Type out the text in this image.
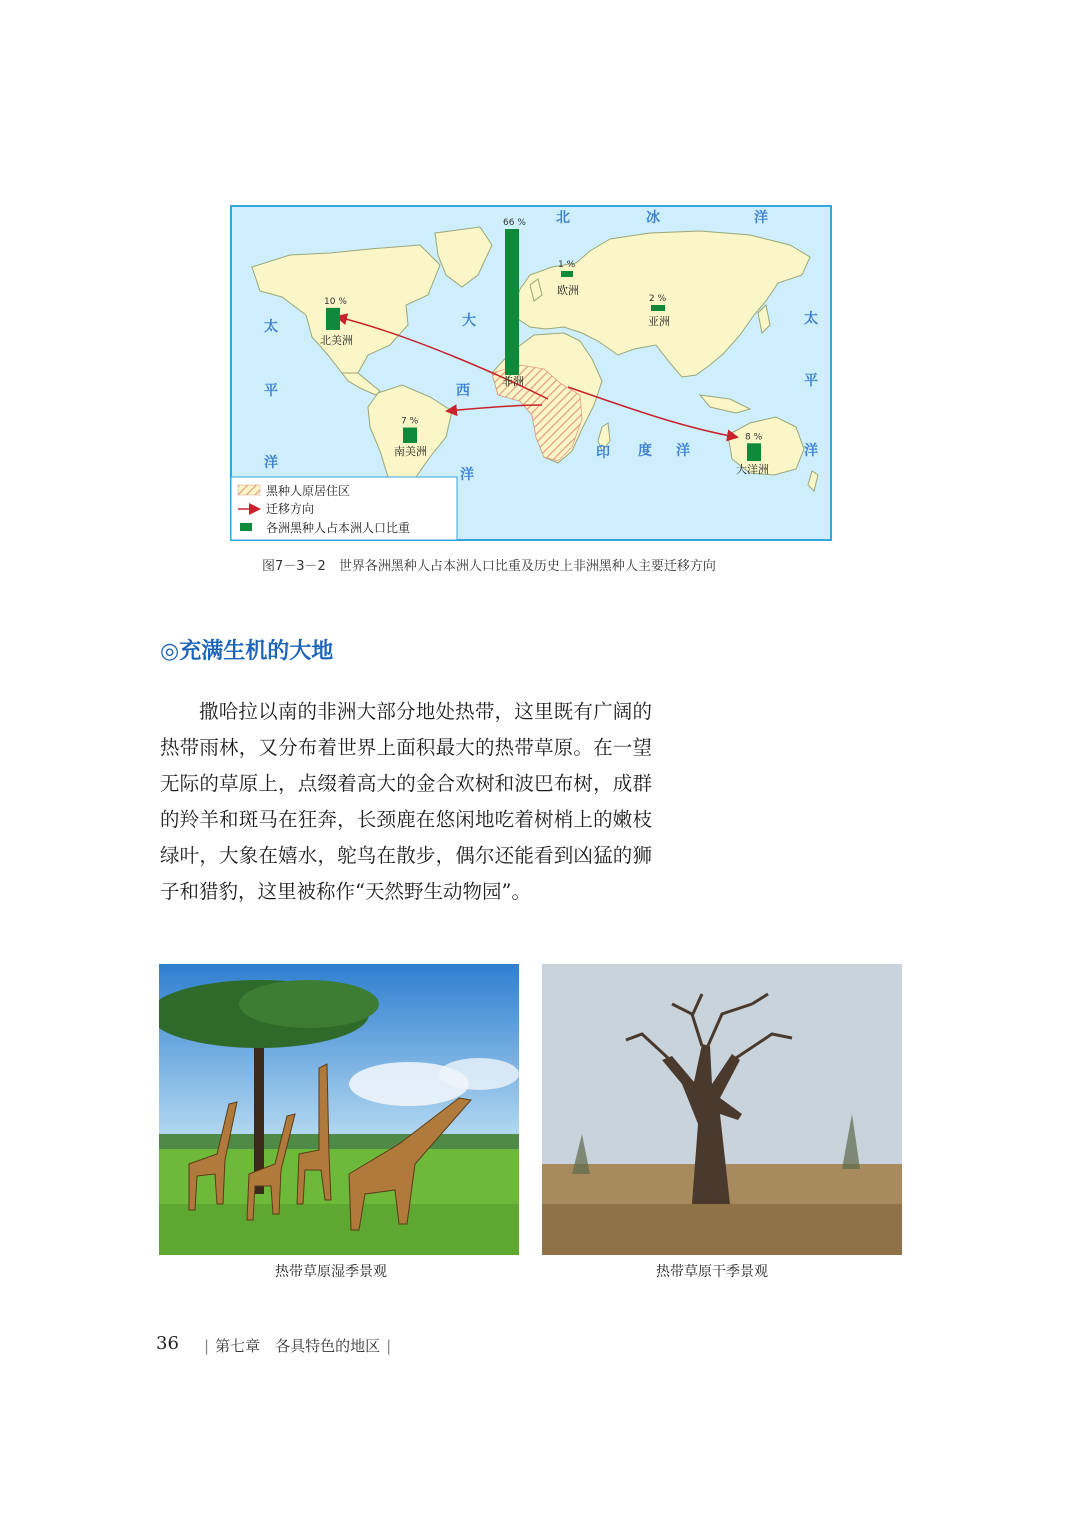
北	冰	洋
太
平
洋
大
西
洋
印 度 洋
太
平
洋
66 %
10 %
8 %
7 %
2 %
1 %
北美洲
南美洲
非洲
欧洲
亚洲
大洋洲
黑种人原居住区
迁移方向
各洲黑种人占本洲人口比重
图7－3－2　世界各洲黑种人占本洲人口比重及历史上非洲黑种人主要迁移方向
◎充满生机的大地

撒哈拉以南的非洲大部分地处热带，这里既有广阔的热带雨林，又分布着世界上面积最大的热带草原。在一望无际的草原上，点缀着高大的金合欢树和波巴布树，成群的羚羊和斑马在狂奔，长颈鹿在悠闲地吃着树梢上的嫩枝绿叶，大象在嬉水，鸵鸟在散步，偶尔还能看到凶猛的狮子和猎豹，这里被称作“天然野生动物园”。

热带草原湿季景观	热带草原干季景观
36	| 第七章　各具特色的地区 |
